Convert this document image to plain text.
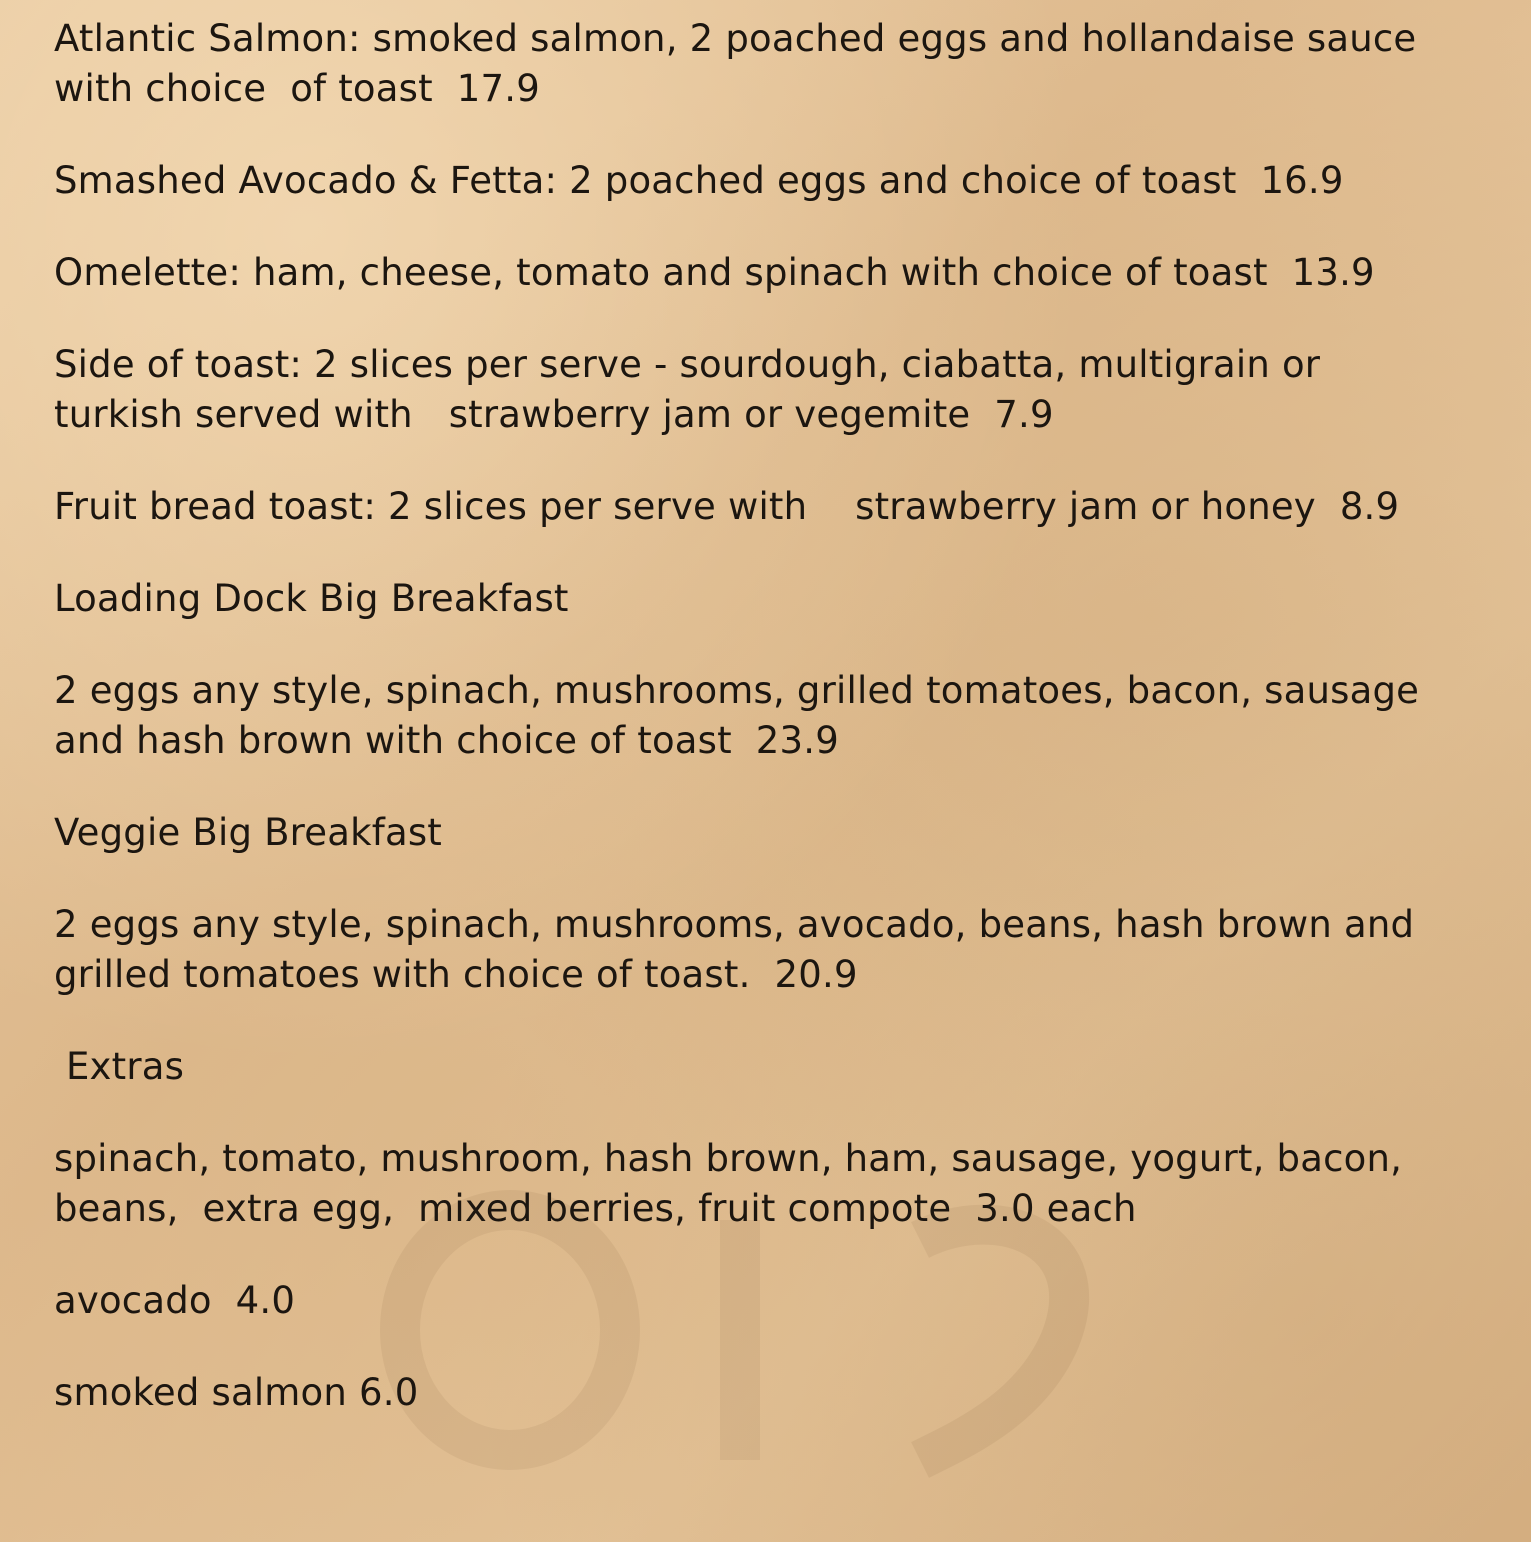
Atlantic Salmon: smoked salmon, 2 poached eggs and hollandaise sauce
with choice  of toast  17.9
Smashed Avocado & Fetta: 2 poached eggs and choice of toast  16.9
Omelette: ham, cheese, tomato and spinach with choice of toast  13.9
Side of toast: 2 slices per serve - sourdough, ciabatta, multigrain or
turkish served with   strawberry jam or vegemite  7.9
Fruit bread toast: 2 slices per serve with    strawberry jam or honey  8.9
Loading Dock Big Breakfast
2 eggs any style, spinach, mushrooms, grilled tomatoes, bacon, sausage
and hash brown with choice of toast  23.9
Veggie Big Breakfast
2 eggs any style, spinach, mushrooms, avocado, beans, hash brown and
grilled tomatoes with choice of toast.  20.9
Extras
spinach, tomato, mushroom, hash brown, ham, sausage, yogurt, bacon,
beans,  extra egg,  mixed berries, fruit compote  3.0 each
avocado  4.0
smoked salmon 6.0
